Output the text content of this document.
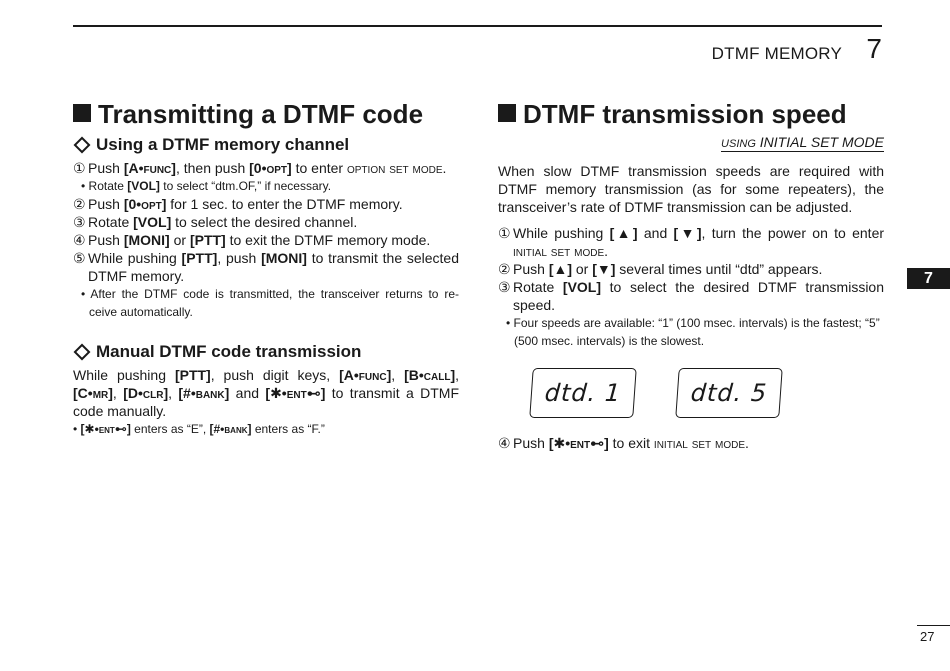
DTMF MEMORY 7
7
27
Transmitting a DTMF code
Using a DTMF memory channel

① Push [A•func], then push [0•opt] to enter option set mode.

• Rotate [VOL] to select “dtm.OF,” if necessary.

② Push [0•opt] for 1 sec. to enter the DTMF memory.

③ Rotate [VOL] to select the desired channel.

④ Push [MONI] or [PTT] to exit the DTMF memory mode.

⑤ While pushing [PTT], push [MONI] to transmit the selected DTMF memory.

• After the DTMF code is transmitted, the transceiver returns to re-ceive automatically.

Manual DTMF code transmission

While pushing [PTT], push digit keys, [A•func], [B•call], [C•mr], [D•clr], [#•bank] and [✱•ent⊷] to transmit a DTMF code manually.

• [✱•ent⊷] enters as “E”, [#•bank] enters as “F.”

DTMF transmission speed
USING INITIAL SET MODE

When slow DTMF transmission speeds are required with DTMF memory transmission (as for some repeaters), the transceiver’s rate of DTMF transmission can be adjusted.

① While pushing [▲] and [▼], turn the power on to enter initial set mode.

② Push [▲] or [▼] several times until “dtd” appears.

③ Rotate [VOL] to select the desired DTMF transmission speed.

• Four speeds are available: “1” (100 msec. intervals) is the fastest; “5” (500 msec. intervals) is the slowest.

dtd. 1	dtd. 5

④ Push [✱•ent⊷] to exit initial set mode.
